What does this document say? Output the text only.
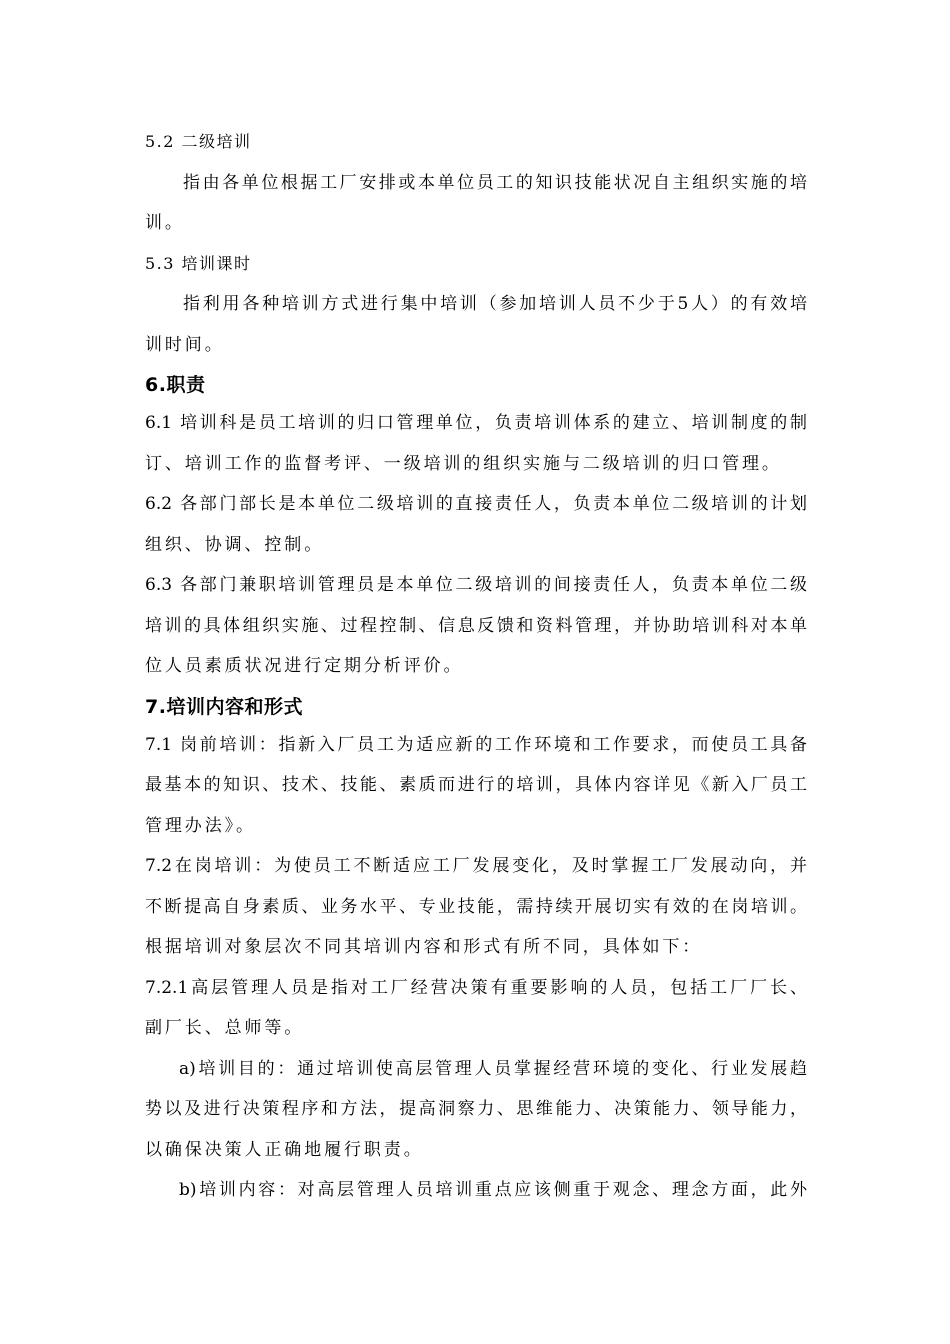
5.2 二级培训
指由各单位根据工厂安排或本单位员工的知识技能状况自主组织实施的培
训。
5.3 培训课时
指利用各种培训方式进行集中培训（参加培训人员不少于5人）的有效培
训时间。
6.职责
6.1 培训科是员工培训的归口管理单位，负责培训体系的建立、培训制度的制
订、培训工作的监督考评、一级培训的组织实施与二级培训的归口管理。
6.2 各部门部长是本单位二级培训的直接责任人，负责本单位二级培训的计划
组织、协调、控制。
6.3 各部门兼职培训管理员是本单位二级培训的间接责任人，负责本单位二级
培训的具体组织实施、过程控制、信息反馈和资料管理，并协助培训科对本单
位人员素质状况进行定期分析评价。
7.培训内容和形式
7.1 岗前培训：指新入厂员工为适应新的工作环境和工作要求，而使员工具备
最基本的知识、技术、技能、素质而进行的培训，具体内容详见《新入厂员工
管理办法》。
7.2在岗培训：为使员工不断适应工厂发展变化，及时掌握工厂发展动向，并
不断提高自身素质、业务水平、专业技能，需持续开展切实有效的在岗培训。
根据培训对象层次不同其培训内容和形式有所不同，具体如下：
7.2.1高层管理人员是指对工厂经营决策有重要影响的人员，包括工厂厂长、
副厂长、总师等。
a)培训目的：通过培训使高层管理人员掌握经营环境的变化、行业发展趋
势以及进行决策程序和方法，提高洞察力、思维能力、决策能力、领导能力，
以确保决策人正确地履行职责。
b)培训内容：对高层管理人员培训重点应该侧重于观念、理念方面，此外
